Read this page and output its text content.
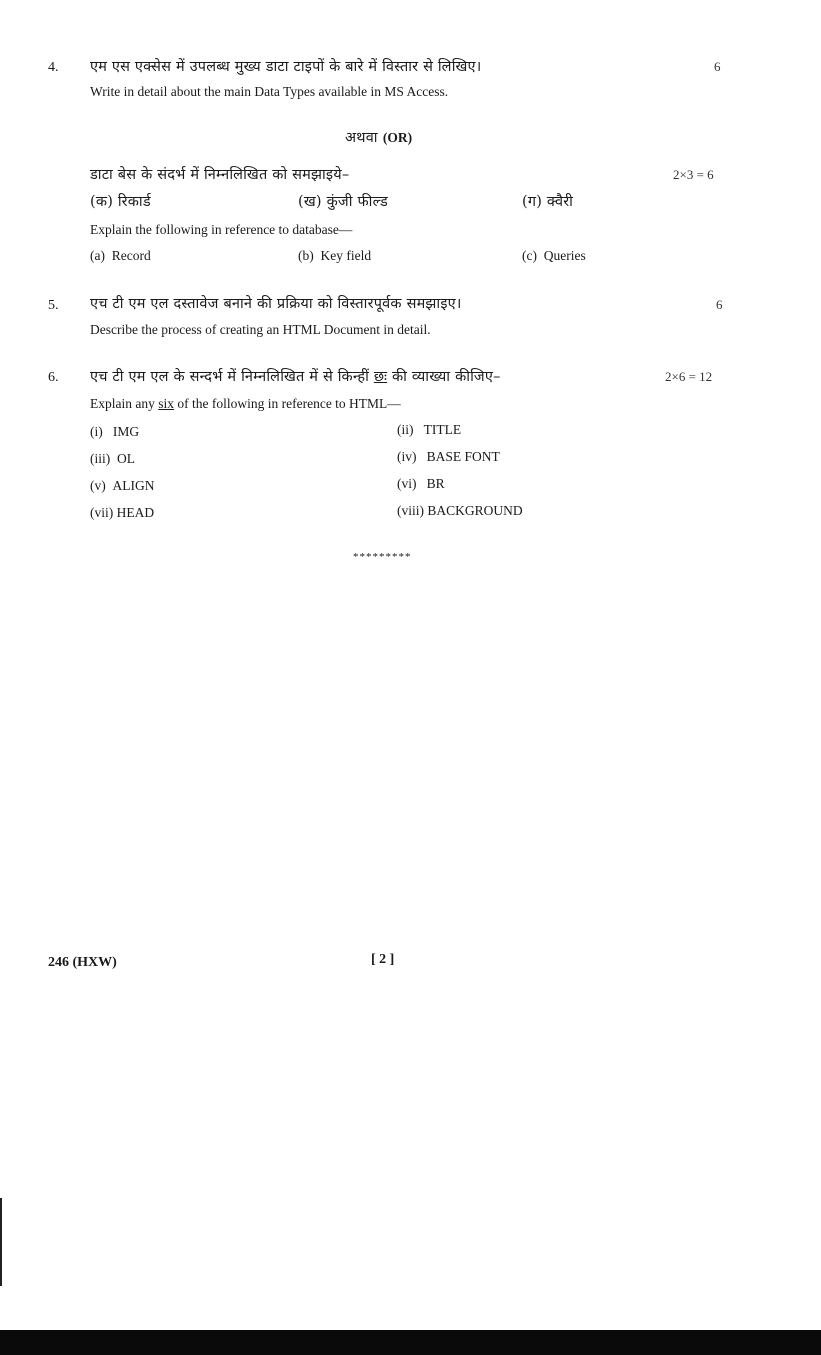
4. एम एस एक्सेस में उपलब्ध मुख्य डाटा टाइपों के बारे में विस्तार से लिखिए।	6
Write in detail about the main Data Types available in MS Access.
अथवा (OR)
डाटा बेस के संदर्भ में निम्नलिखित को समझाइये–	2×3 = 6
(क) रिकार्ड	(ख) कुंजी फील्ड	(ग) क्वैरी
Explain the following in reference to database—
(a) Record	(b) Key field	(c) Queries
5. एच टी एम एल दस्तावेज बनाने की प्रक्रिया को विस्तारपूर्वक समझाइए।	6
Describe the process of creating an HTML Document in detail.
6. एच टी एम एल के सन्दर्भ में निम्नलिखित में से किन्हीं छः की व्याख्या कीजिए–	2×6 = 12
Explain any six of the following in reference to HTML—
(i) IMG	(ii) TITLE
(iii) OL	(iv) BASE FONT
(v) ALIGN	(vi) BR
(vii) HEAD	(viii) BACKGROUND
*********
246 (HXW)	[ 2 ]
